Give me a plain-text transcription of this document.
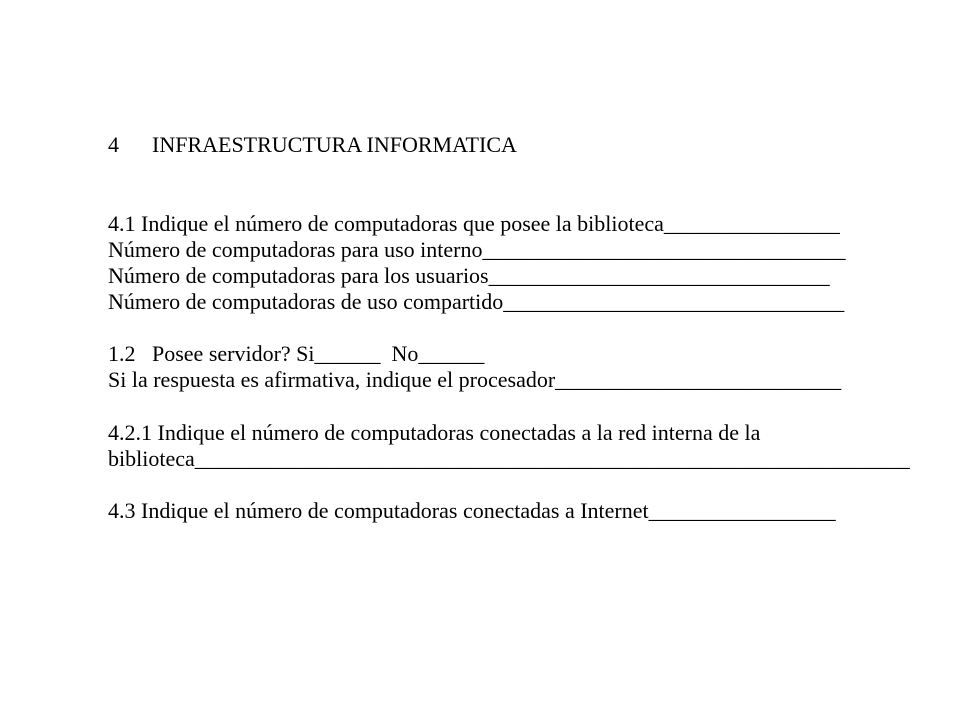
4 INFRAESTRUCTURA INFORMATICA

4.1 Indique el número de computadoras que posee la biblioteca________________

Número de computadoras para uso interno_________________________________

Número de computadoras para los usuarios_______________________________

Número de computadoras de uso compartido_______________________________

1.2 Posee servidor? Si______  No______

Si la respuesta es afirmativa, indique el procesador__________________________

4.2.1 Indique el número de computadoras conectadas a la red interna de la

biblioteca_________________________________________________________________

4.3 Indique el número de computadoras conectadas a Internet_________________
